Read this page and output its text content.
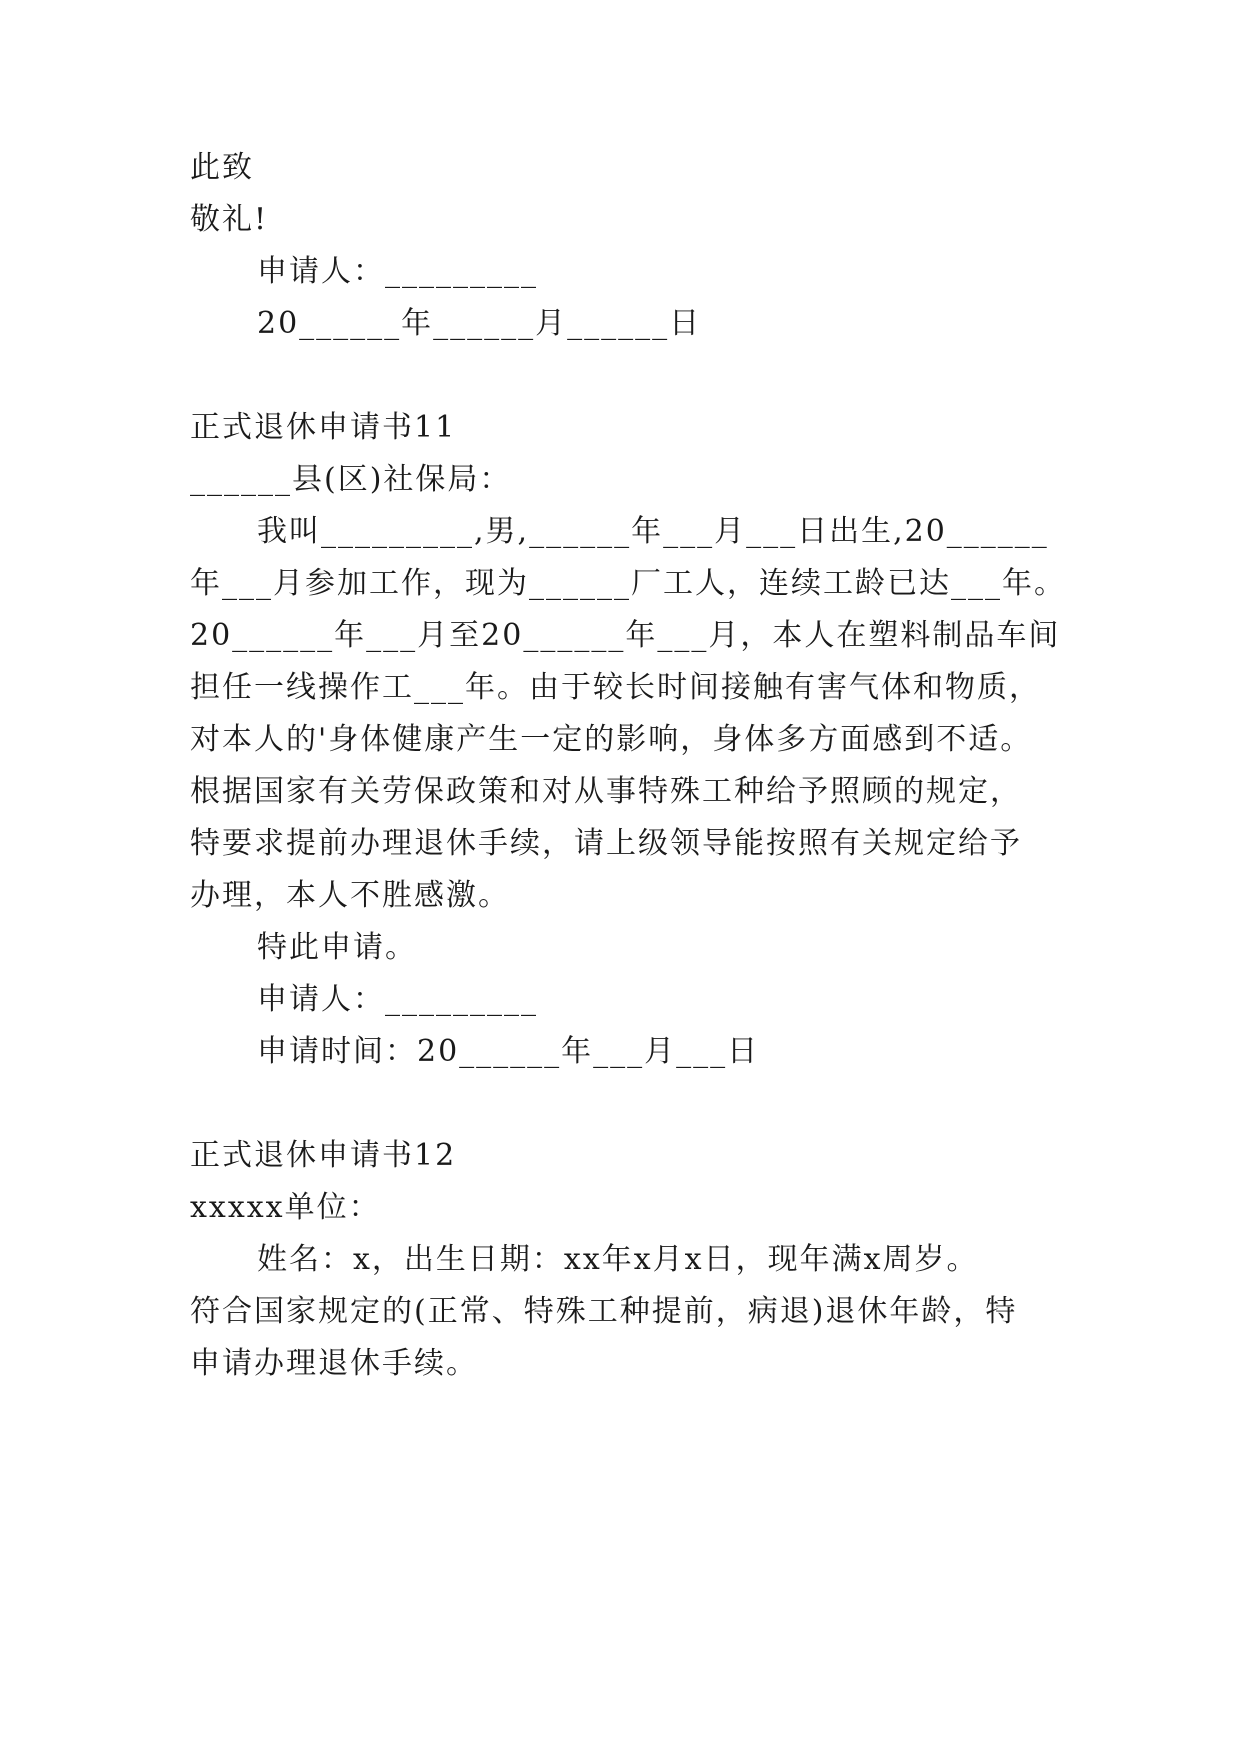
此致
敬礼!
申请人：_________
20______年______月______日
正式退休申请书11
______县(区)社保局：
我叫_________,男,______年___月___日出生,20______
年___月参加工作，现为______厂工人，连续工龄已达___年。
20______年___月至20______年___月，本人在塑料制品车间
担任一线操作工___年。由于较长时间接触有害气体和物质，
对本人的'身体健康产生一定的影响，身体多方面感到不适。
根据国家有关劳保政策和对从事特殊工种给予照顾的规定，
特要求提前办理退休手续，请上级领导能按照有关规定给予
办理，本人不胜感激。
特此申请。
申请人：_________
申请时间：20______年___月___日
正式退休申请书12
xxxxx单位：
姓名：x，出生日期：xx年x月x日，现年满x周岁。
符合国家规定的(正常、特殊工种提前，病退)退休年龄，特
申请办理退休手续。
